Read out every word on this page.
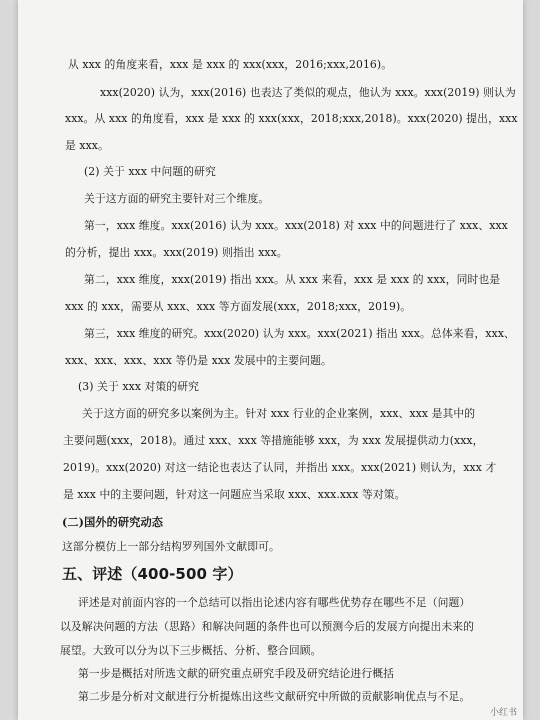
从 xxx 的角度来看，xxx 是 xxx 的 xxx(xxx，2016;xxx,2016)。
xxx(2020) 认为，xxx(2016) 也表达了类似的观点，他认为 xxx。xxx(2019) 则认为
xxx。从 xxx 的角度看，xxx 是 xxx 的 xxx(xxx，2018;xxx,2018)。xxx(2020) 提出，xxx
是 xxx。
(2) 关于 xxx 中问题的研究
关于这方面的研究主要针对三个维度。
第一，xxx 维度。xxx(2016) 认为 xxx。xxx(2018) 对 xxx 中的问题进行了 xxx、xxx
的分析，提出 xxx。xxx(2019) 则指出 xxx。
第二，xxx 维度，xxx(2019) 指出 xxx。从 xxx 来看，xxx 是 xxx 的 xxx，同时也是
xxx 的 xxx，需要从 xxx、xxx 等方面发展(xxx，2018;xxx，2019)。
第三，xxx 维度的研究。xxx(2020) 认为 xxx。xxx(2021) 指出 xxx。总体来看，xxx、
xxx、xxx、xxx、xxx 等仍是 xxx 发展中的主要问题。
(3) 关于 xxx 对策的研究
关于这方面的研究多以案例为主。针对 xxx 行业的企业案例，xxx、xxx 是其中的
主要问题(xxx，2018)。通过 xxx、xxx 等措施能够 xxx，为 xxx 发展提供动力(xxx，
2019)。xxx(2020) 对这一结论也表达了认同，并指出 xxx。xxx(2021) 则认为，xxx 才
是 xxx 中的主要问题，针对这一问题应当采取 xxx、xxx.xxx 等对策。
(二)国外的研究动态
这部分模仿上一部分结构罗列国外文献即可。
五、评述（400-500 字）
评述是对前面内容的一个总结可以指出论述内容有哪些优势存在哪些不足（问题）
以及解决问题的方法（思路）和解决问题的条件也可以预测今后的发展方向提出未来的
展望。大致可以分为以下三步概括、分析、整合回顾。
第一步是概括对所选文献的研究重点研究手段及研究结论进行概括
第二步是分析对文献进行分析提炼出这些文献研究中所做的贡献影响优点与不足。
小红书
